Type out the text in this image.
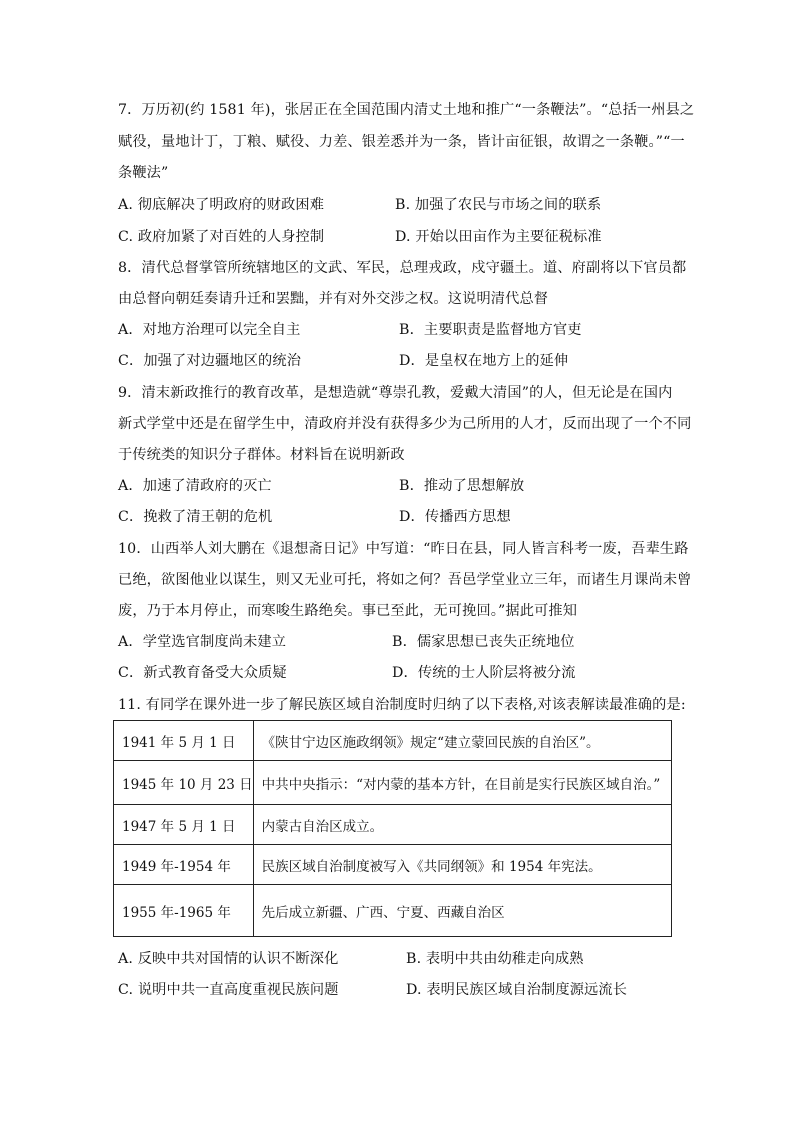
7．万历初(约 1581 年)，张居正在全国范围内清丈土地和推广“一条鞭法”。“总括一州县之
赋役，量地计丁，丁粮、赋役、力差、银差悉并为一条，皆计亩征银，故谓之一条鞭。”“一
条鞭法”
A. 彻底解决了明政府的财政困难	B. 加强了农民与市场之间的联系
C. 政府加紧了对百姓的人身控制	D. 开始以田亩作为主要征税标准
8．清代总督掌管所统辖地区的文武、军民，总理戎政，戍守疆土。道、府副将以下官员都
由总督向朝廷奏请升迁和罢黜，并有对外交涉之权。这说明清代总督
A．对地方治理可以完全自主	B．主要职责是监督地方官吏
C．加强了对边疆地区的统治	D．是皇权在地方上的延伸
9．清末新政推行的教育改革，是想造就“尊崇孔教，爱戴大清国”的人，但无论是在国内
新式学堂中还是在留学生中，清政府并没有获得多少为己所用的人才，反而出现了一个不同
于传统类的知识分子群体。材料旨在说明新政
A．加速了清政府的灭亡	B．推动了思想解放
C．挽救了清王朝的危机	D．传播西方思想
10．山西举人刘大鹏在《退想斋日记》中写道：“昨日在县，同人皆言科考一废，吾辈生路
已绝，欲图他业以谋生，则又无业可托，将如之何？吾邑学堂业立三年，而诸生月课尚未曾
废，乃于本月停止，而寒唆生路绝矣。事已至此，无可挽回。”据此可推知
A．学堂选官制度尚未建立	B．儒家思想已丧失正统地位
C．新式教育备受大众质疑	D．传统的士人阶层将被分流
11. 有同学在课外进一步了解民族区域自治制度时归纳了以下表格,对该表解读最准确的是:
1941 年 5 月 1 日	《陕甘宁边区施政纲领》规定“建立蒙回民族的自治区”。
1945 年 10 月 23 日	中共中央指示：“对内蒙的基本方针，在目前是实行民族区域自治。”
1947 年 5 月 1 日	内蒙古自治区成立。
1949 年-1954 年	民族区域自治制度被写入《共同纲领》和 1954 年宪法。
1955 年-1965 年	先后成立新疆、广西、宁夏、西藏自治区
A. 反映中共对国情的认识不断深化	B. 表明中共由幼稚走向成熟
C. 说明中共一直高度重视民族问题	D. 表明民族区域自治制度源远流长
